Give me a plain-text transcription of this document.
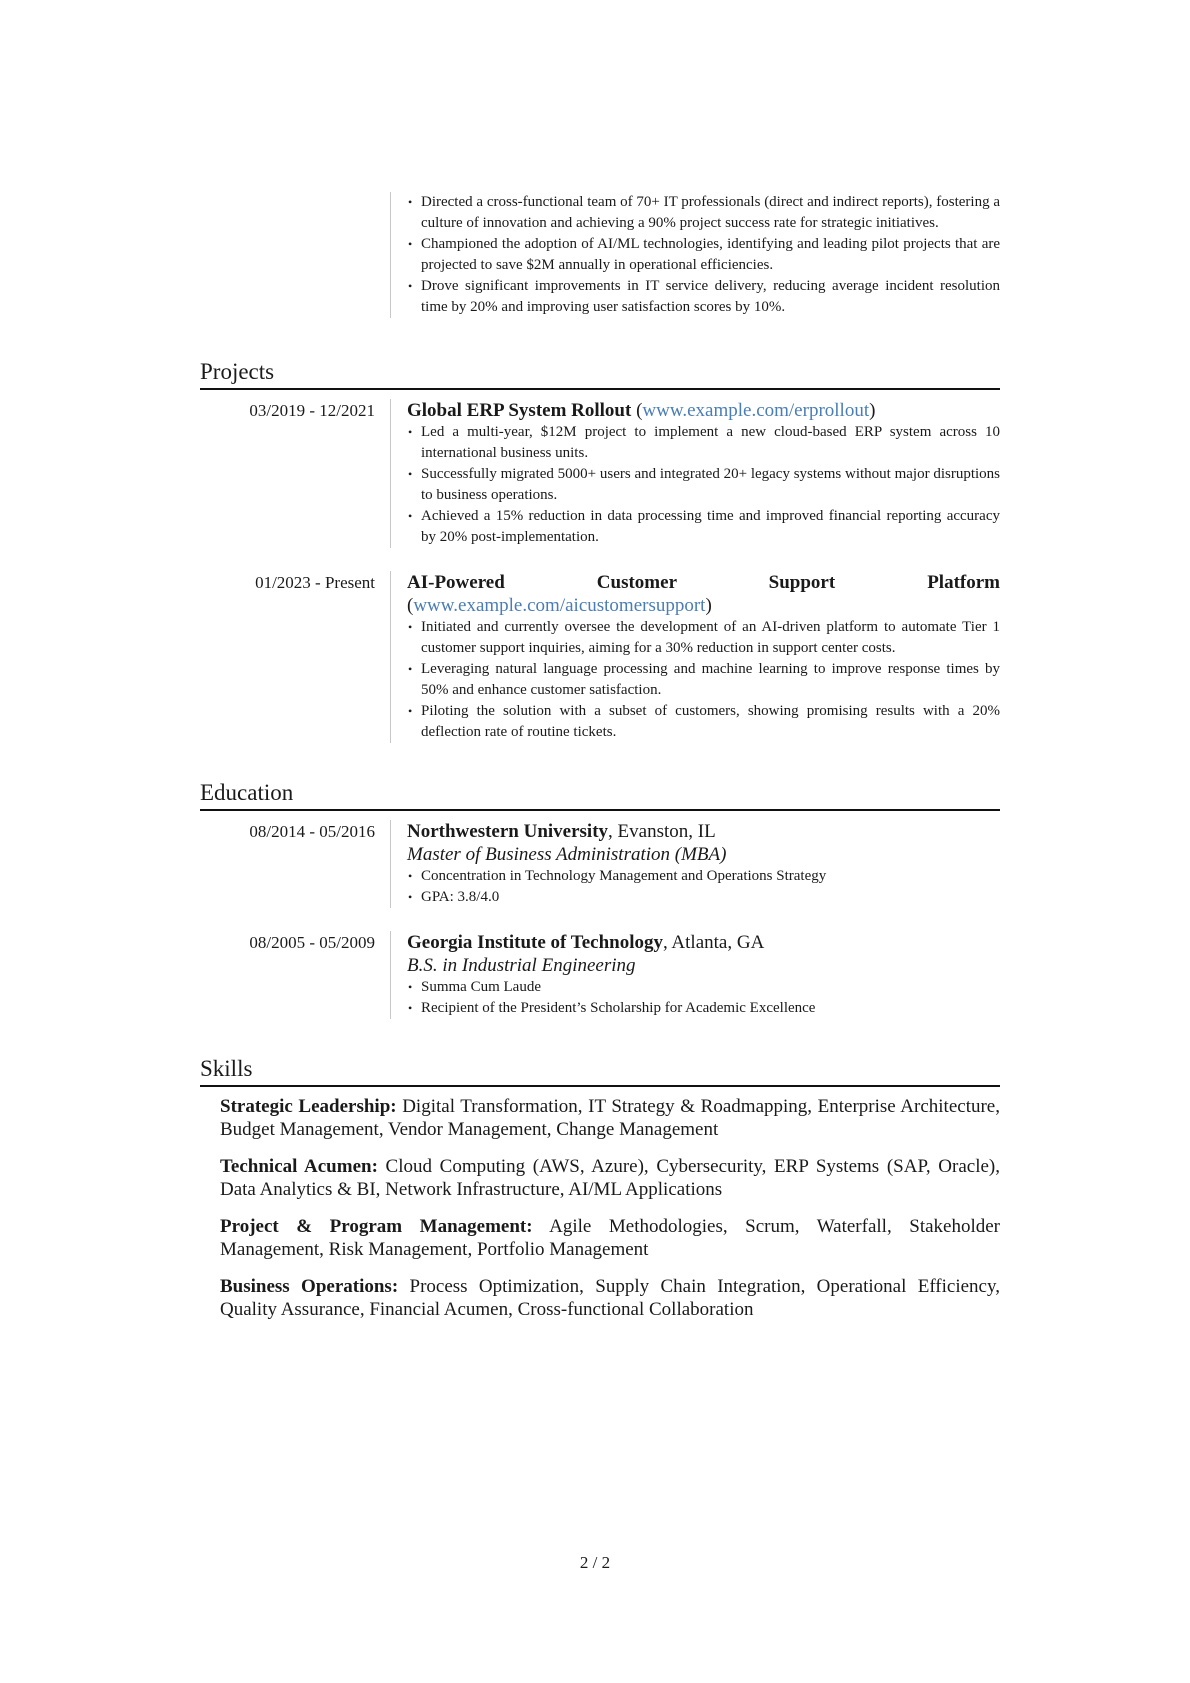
• Directed a cross-functional team of 70+ IT professionals (direct and indirect reports), fostering a culture of innovation and achieving a 90% project success rate for strategic initiatives.
• Championed the adoption of AI/ML technologies, identifying and leading pilot projects that are projected to save $2M annually in operational efficiencies.
• Drove significant improvements in IT service delivery, reducing average incident resolution time by 20% and improving user satisfaction scores by 10%.
Projects
03/2019 - 12/2021	Global ERP System Rollout (www.example.com/erprollout)
• Led a multi-year, $12M project to implement a new cloud-based ERP system across 10 international business units.
• Successfully migrated 5000+ users and integrated 20+ legacy systems without major disruptions to business operations.
• Achieved a 15% reduction in data processing time and improved financial reporting accuracy by 20% post-implementation.
01/2023 - Present	AI-Powered Customer Support Platform (www.example.com/aicustomersupport)
• Initiated and currently oversee the development of an AI-driven platform to automate Tier 1 customer support inquiries, aiming for a 30% reduction in support center costs.
• Leveraging natural language processing and machine learning to improve response times by 50% and enhance customer satisfaction.
• Piloting the solution with a subset of customers, showing promising results with a 20% deflection rate of routine tickets.
Education
08/2014 - 05/2016	Northwestern University, Evanston, IL
Master of Business Administration (MBA)
• Concentration in Technology Management and Operations Strategy
• GPA: 3.8/4.0
08/2005 - 05/2009	Georgia Institute of Technology, Atlanta, GA
B.S. in Industrial Engineering
• Summa Cum Laude
• Recipient of the President’s Scholarship for Academic Excellence
Skills
Strategic Leadership: Digital Transformation, IT Strategy & Roadmapping, Enterprise Architecture, Budget Management, Vendor Management, Change Management
Technical Acumen: Cloud Computing (AWS, Azure), Cybersecurity, ERP Systems (SAP, Oracle), Data Analytics & BI, Network Infrastructure, AI/ML Applications
Project & Program Management: Agile Methodologies, Scrum, Waterfall, Stakeholder Management, Risk Management, Portfolio Management
Business Operations: Process Optimization, Supply Chain Integration, Operational Efficiency, Quality Assurance, Financial Acumen, Cross-functional Collaboration
2 / 2
